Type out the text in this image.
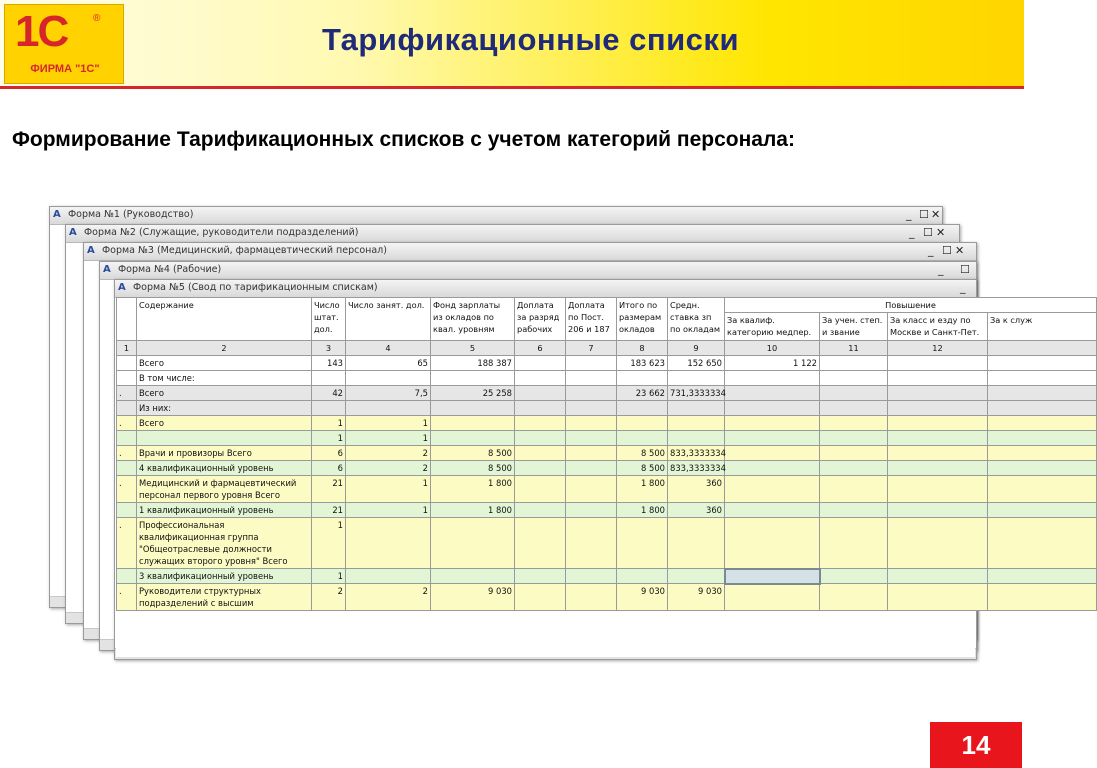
1С	®
ФИРМА "1С"
Тарификационные списки
Формирование Тарификационных списков с учетом категорий персонала:
A Форма №1 (Руководство)	_ ☐ ✕
A Форма №2 (Служащие, руководители подразделений)	_ ☐ ✕
A Форма №3 (Медицинский, фармацевтический персонал)	_ ☐ ✕
A Форма №4 (Рабочие)	_ ☐
A Форма №5 (Свод по тарификационным спискам)	_
	Содержание	Число штат. дол.	Число занят. дол.	Фонд зарплаты из окладов по квал. уровням	Доплата за разряд рабочих	Доплата по Пост. 206 и 187	Итого по размерам окладов	Средн. ставка зп по окладам	Повышение			
									За квалиф. категорию медпер.	За учен. степ. и звание	За класс и езду по Москве и Санкт-Пет.	За к служ
1	2	3	4	5	6	7	8	9	10	11	12	
	Всего	143	65	188 387			183 623	152 650	1 122			
	В том числе:											
.	Всего	42	7,5	25 258			23 662	731,3333334				
	Из них:											
.	Всего	1	1									
		1	1									
.	Врачи и провизоры Всего	6	2	8 500			8 500	833,3333334				
	4 квалификационный уровень	6	2	8 500			8 500	833,3333334				
.	Медицинский и фармацевтический персонал первого уровня Всего	21	1	1 800			1 800	360				
	1 квалификационный уровень	21	1	1 800			1 800	360				
.	Профессиональная квалификационная группа "Общеотраслевые должности служащих второго уровня" Всего	1										
	3 квалификационный уровень	1										
.	Руководители структурных подразделений с высшим	2	2	9 030			9 030	9 030				
14
